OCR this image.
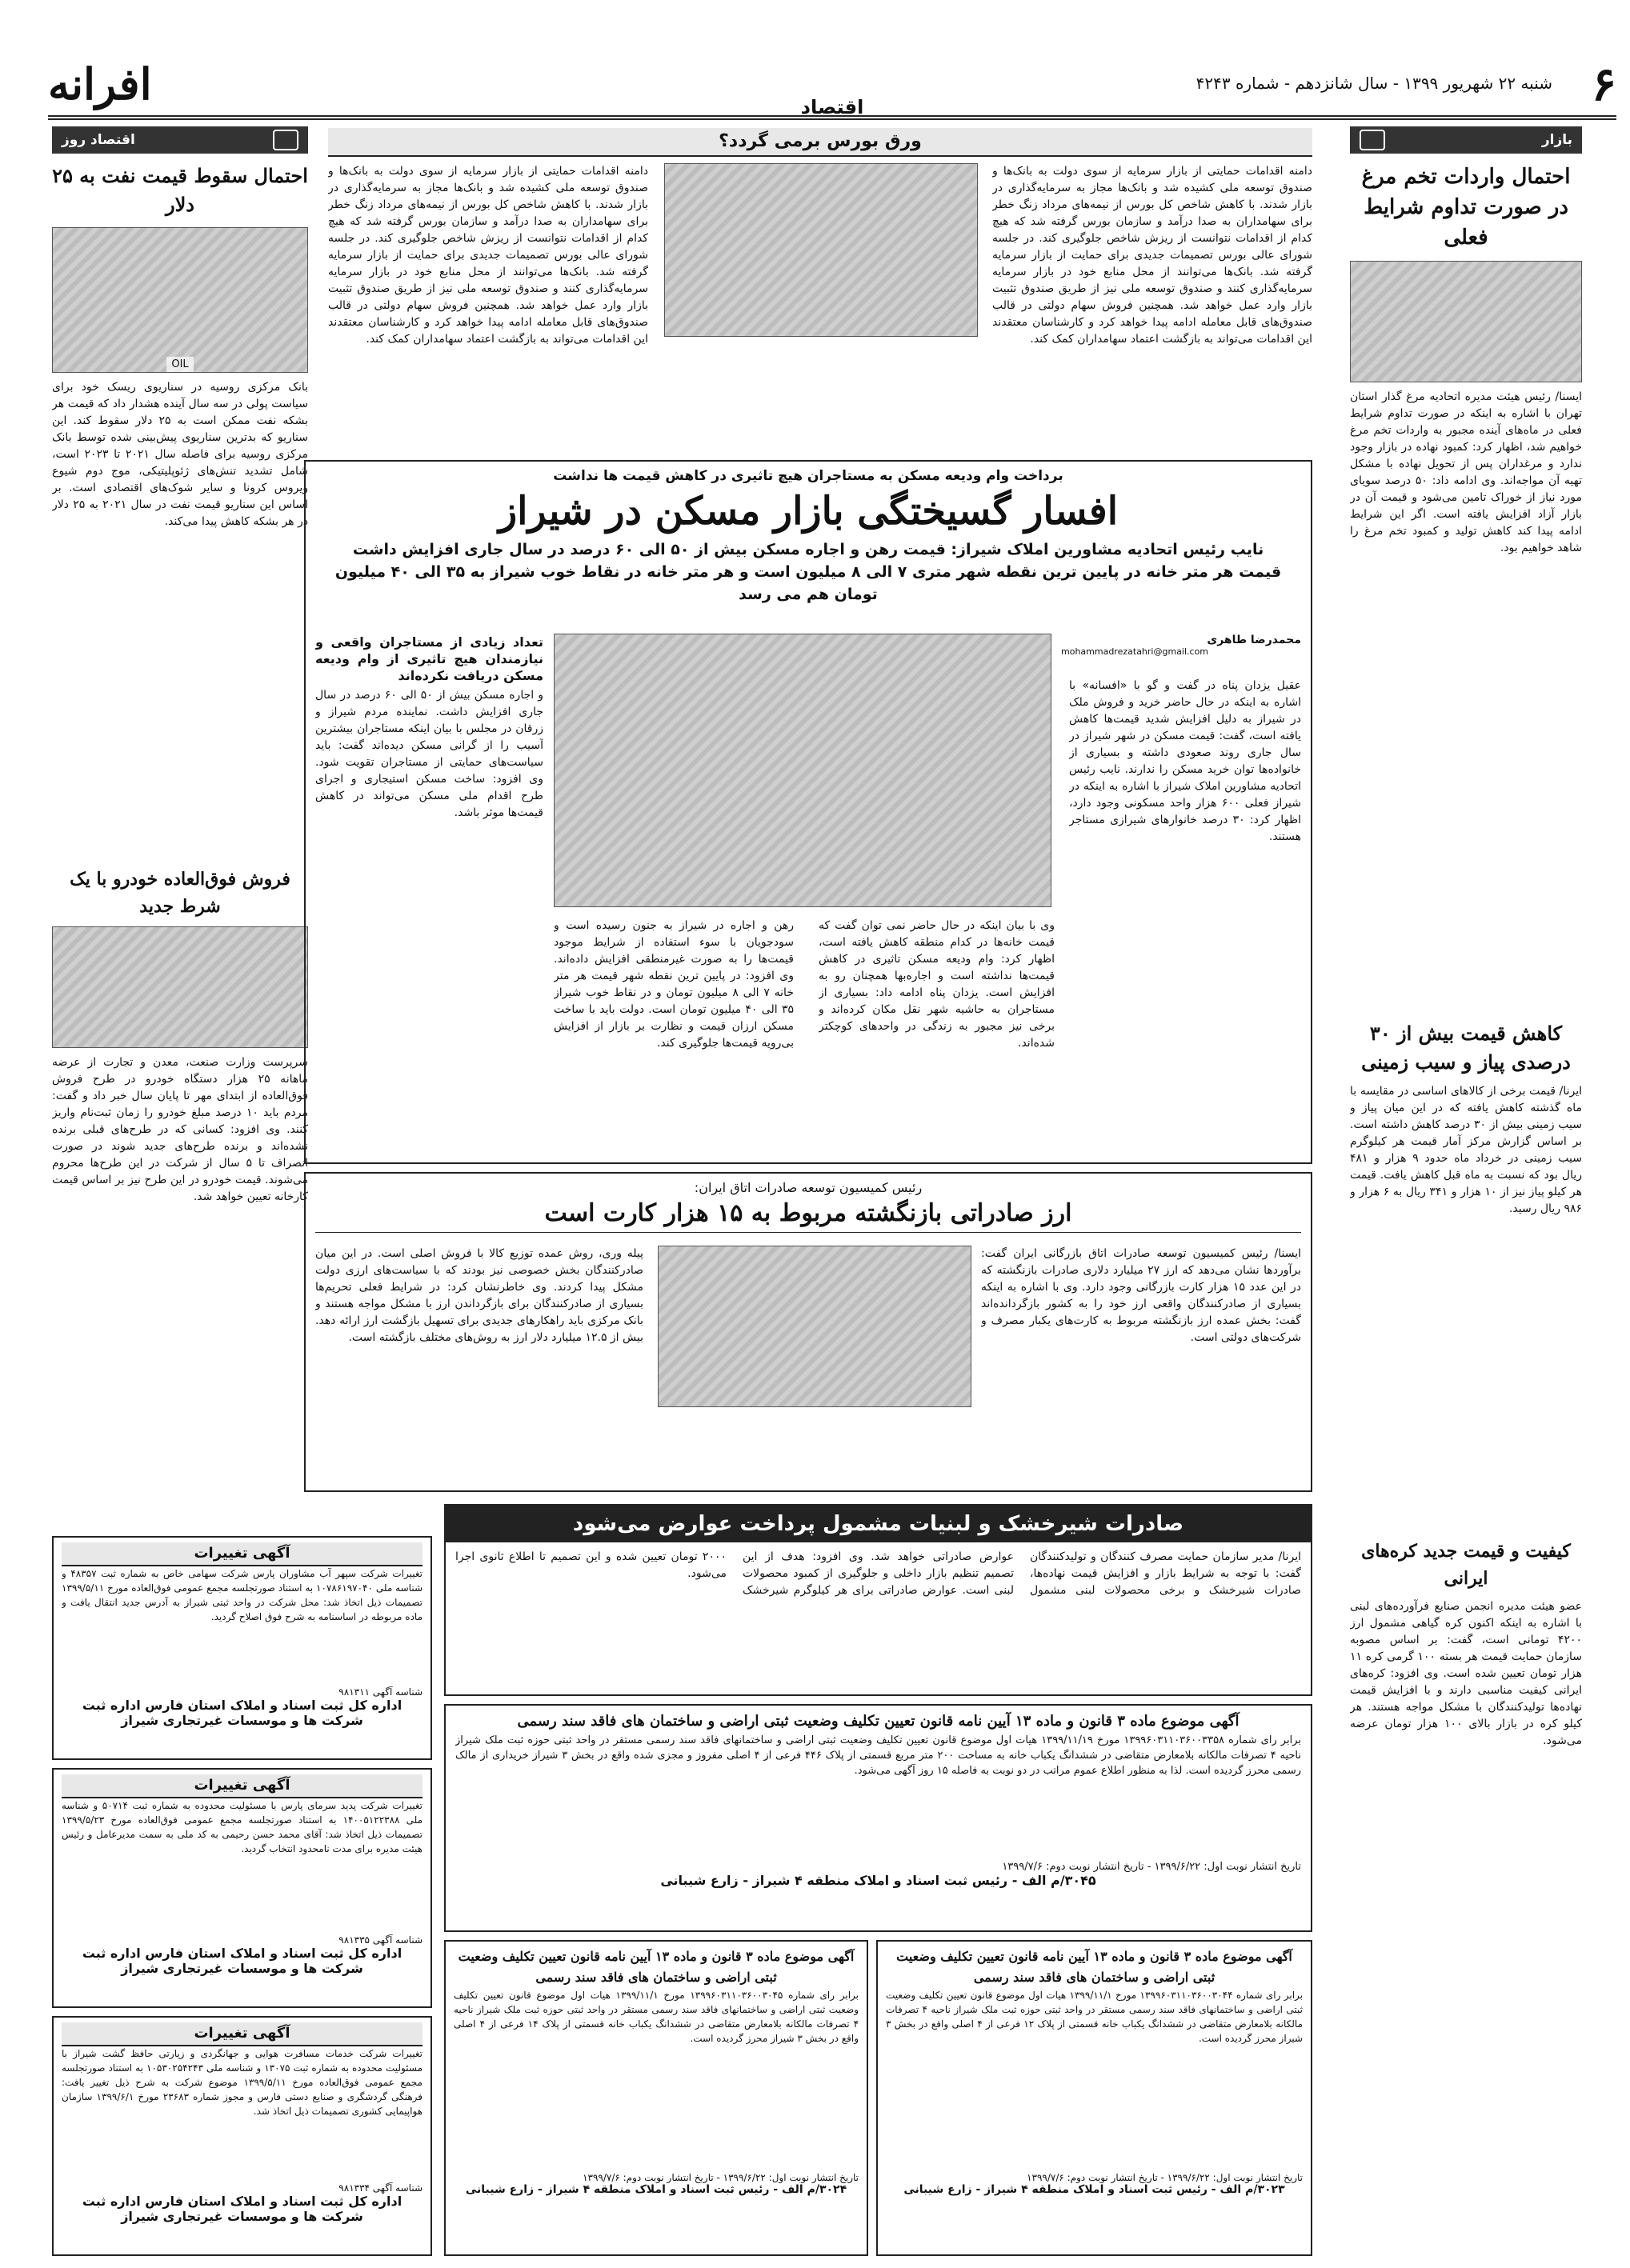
۶
شنبه ۲۲ شهریور ۱۳۹۹ - سال شانزدهم - شماره ۴۲۴۳
اقتصاد
افرانه
بازار
احتمال واردات تخم مرغ در صورت تداوم شرایط فعلی

ایسنا/ رئیس هیئت مدیره اتحادیه مرغ گذار استان تهران با اشاره به اینکه در صورت تداوم شرایط فعلی در ماه‌های آینده مجبور به واردات تخم مرغ خواهیم شد، اظهار کرد: کمبود نهاده در بازار وجود ندارد و مرغداران پس از تحویل نهاده با مشکل تهیه آن مواجه‌اند. وی ادامه داد: ۵۰ درصد سویای مورد نیاز از خوراک تامین می‌شود و قیمت آن در بازار آزاد افزایش یافته است. اگر این شرایط ادامه پیدا کند کاهش تولید و کمبود تخم مرغ را شاهد خواهیم بود.

کاهش قیمت بیش از ۳۰ درصدی پیاز و سیب زمینی

ایرنا/ قیمت برخی از کالاهای اساسی در مقایسه با ماه گذشته کاهش یافته که در این میان پیاز و سیب زمینی بیش از ۳۰ درصد کاهش داشته است. بر اساس گزارش مرکز آمار قیمت هر کیلوگرم سیب زمینی در خرداد ماه حدود ۹ هزار و ۴۸۱ ریال بود که نسبت به ماه قبل کاهش یافت. قیمت هر کیلو پیاز نیز از ۱۰ هزار و ۳۴۱ ریال به ۶ هزار و ۹۸۶ ریال رسید.

کیفیت و قیمت جدید کره‌های ایرانی

عضو هیئت مدیره انجمن صنایع فرآورده‌های لبنی با اشاره به اینکه اکنون کره گیاهی مشمول ارز ۴۲۰۰ تومانی است، گفت: بر اساس مصوبه سازمان حمایت قیمت هر بسته ۱۰۰ گرمی کره ۱۱ هزار تومان تعیین شده است. وی افزود: کره‌های ایرانی کیفیت مناسبی دارند و با افزایش قیمت نهاده‌ها تولیدکنندگان با مشکل مواجه هستند. هر کیلو کره در بازار بالای ۱۰۰ هزار تومان عرضه می‌شود.

اقتصاد روز
احتمال سقوط قیمت نفت به ۲۵ دلار
OIL

بانک مرکزی روسیه در سناریوی ریسک خود برای سیاست پولی در سه سال آینده هشدار داد که قیمت هر بشکه نفت ممکن است به ۲۵ دلار سقوط کند. این سناریو که بدترین سناریوی پیش‌بینی شده توسط بانک مرکزی روسیه برای فاصله سال ۲۰۲۱ تا ۲۰۲۳ است، شامل تشدید تنش‌های ژئوپلیتیکی، موج دوم شیوع ویروس کرونا و سایر شوک‌های اقتصادی است. بر اساس این سناریو قیمت نفت در سال ۲۰۲۱ به ۲۵ دلار در هر بشکه کاهش پیدا می‌کند.

فروش فوق‌العاده خودرو با یک شرط جدید

سرپرست وزارت صنعت، معدن و تجارت از عرضه ماهانه ۲۵ هزار دستگاه خودرو در طرح فروش فوق‌العاده از ابتدای مهر تا پایان سال خبر داد و گفت: مردم باید ۱۰ درصد مبلغ خودرو را زمان ثبت‌نام واریز کنند. وی افزود: کسانی که در طرح‌های قبلی برنده نشده‌اند و برنده طرح‌های جدید شوند در صورت انصراف تا ۵ سال از شرکت در این طرح‌ها محروم می‌شوند. قیمت خودرو در این طرح نیز بر اساس قیمت کارخانه تعیین خواهد شد.

ورق بورس برمی گردد؟

دامنه اقدامات حمایتی از بازار سرمایه از سوی دولت به بانک‌ها و صندوق توسعه ملی کشیده شد و بانک‌ها مجاز به سرمایه‌گذاری در بازار شدند. با کاهش شاخص کل بورس از نیمه‌های مرداد زنگ خطر برای سهامداران به صدا درآمد و سازمان بورس گرفته شد که هیچ کدام از اقدامات نتوانست از ریزش شاخص جلوگیری کند. در جلسه شورای عالی بورس تصمیمات جدیدی برای حمایت از بازار سرمایه گرفته شد. بانک‌ها می‌توانند از محل منابع خود در بازار سرمایه سرمایه‌گذاری کنند و صندوق توسعه ملی نیز از طریق صندوق تثبیت بازار وارد عمل خواهد شد. همچنین فروش سهام دولتی در قالب صندوق‌های قابل معامله ادامه پیدا خواهد کرد و کارشناسان معتقدند این اقدامات می‌تواند به بازگشت اعتماد سهامداران کمک کند.

دامنه اقدامات حمایتی از بازار سرمایه از سوی دولت به بانک‌ها و صندوق توسعه ملی کشیده شد و بانک‌ها مجاز به سرمایه‌گذاری در بازار شدند. با کاهش شاخص کل بورس از نیمه‌های مرداد زنگ خطر برای سهامداران به صدا درآمد و سازمان بورس گرفته شد که هیچ کدام از اقدامات نتوانست از ریزش شاخص جلوگیری کند. در جلسه شورای عالی بورس تصمیمات جدیدی برای حمایت از بازار سرمایه گرفته شد. بانک‌ها می‌توانند از محل منابع خود در بازار سرمایه سرمایه‌گذاری کنند و صندوق توسعه ملی نیز از طریق صندوق تثبیت بازار وارد عمل خواهد شد. همچنین فروش سهام دولتی در قالب صندوق‌های قابل معامله ادامه پیدا خواهد کرد و کارشناسان معتقدند این اقدامات می‌تواند به بازگشت اعتماد سهامداران کمک کند.

برداخت وام ودیعه مسکن به مستاجران هیچ تاثیری در کاهش قیمت ها نداشت
افسار گسیختگی بازار مسکن در شیراز
نایب رئیس اتحادیه مشاورین املاک شیراز: قیمت رهن و اجاره مسکن بیش از ۵۰ الی ۶۰ درصد در سال جاری افزایش داشت
قیمت هر متر خانه در پایین ترین نقطه شهر متری ۷ الی ۸ میلیون است و هر متر خانه در نقاط خوب شیراز به ۳۵ الی ۴۰ میلیون تومان هم می رسد
محمدرضا طاهری
mohammadrezatahri@gmail.com

عقیل یزدان پناه در گفت و گو با «افسانه» با اشاره به اینکه در حال حاضر خرید و فروش ملک در شیراز به دلیل افزایش شدید قیمت‌ها کاهش یافته است، گفت: قیمت مسکن در شهر شیراز در سال جاری روند صعودی داشته و بسیاری از خانواده‌ها توان خرید مسکن را ندارند. نایب رئیس اتحادیه مشاورین املاک شیراز با اشاره به اینکه در شیراز فعلی ۶۰۰ هزار واحد مسکونی وجود دارد، اظهار کرد: ۳۰ درصد خانوارهای شیرازی مستاجر هستند.

تعداد زیادی از مستاجران واقعی و نیازمندان هیچ تاثیری از وام ودیعه مسکن دریافت نکرده‌اند

و اجاره مسکن بیش از ۵۰ الی ۶۰ درصد در سال جاری افزایش داشت. نماینده مردم شیراز و زرقان در مجلس با بیان اینکه مستاجران بیشترین آسیب را از گرانی مسکن دیده‌اند گفت: باید سیاست‌های حمایتی از مستاجران تقویت شود. وی افزود: ساخت مسکن استیجاری و اجرای طرح اقدام ملی مسکن می‌تواند در کاهش قیمت‌ها موثر باشد.

وی با بیان اینکه در حال حاضر نمی توان گفت که قیمت خانه‌ها در کدام منطقه کاهش یافته است، اظهار کرد: وام ودیعه مسکن تاثیری در کاهش قیمت‌ها نداشته است و اجاره‌بها همچنان رو به افزایش است. یزدان پناه ادامه داد: بسیاری از مستاجران به حاشیه شهر نقل مکان کرده‌اند و برخی نیز مجبور به زندگی در واحدهای کوچکتر شده‌اند.

رهن و اجاره در شیراز به جنون رسیده است و سودجویان با سوء استفاده از شرایط موجود قیمت‌ها را به صورت غیرمنطقی افزایش داده‌اند. وی افزود: در پایین ترین نقطه شهر قیمت هر متر خانه ۷ الی ۸ میلیون تومان و در نقاط خوب شیراز ۳۵ الی ۴۰ میلیون تومان است. دولت باید با ساخت مسکن ارزان قیمت و نظارت بر بازار از افزایش بی‌رویه قیمت‌ها جلوگیری کند.

رئیس کمیسیون توسعه صادرات اتاق ایران:
ارز صادراتی بازنگشته مربوط به ۱۵ هزار کارت است

ایسنا/ رئیس کمیسیون توسعه صادرات اتاق بازرگانی ایران گفت: برآوردها نشان می‌دهد که ارز ۲۷ میلیارد دلاری صادرات بازنگشته که در این عدد ۱۵ هزار کارت بازرگانی وجود دارد. وی با اشاره به اینکه بسیاری از صادرکنندگان واقعی ارز خود را به کشور بازگردانده‌اند گفت: بخش عمده ارز بازنگشته مربوط به کارت‌های یکبار مصرف و شرکت‌های دولتی است.

پیله وری، روش عمده توزیع کالا با فروش اصلی است. در این میان صادرکنندگان بخش خصوصی نیز بودند که با سیاست‌های ارزی دولت مشکل پیدا کردند. وی خاطرنشان کرد: در شرایط فعلی تحریم‌ها بسیاری از صادرکنندگان برای بازگرداندن ارز با مشکل مواجه هستند و بانک مرکزی باید راهکارهای جدیدی برای تسهیل بازگشت ارز ارائه دهد. بیش از ۱۲.۵ میلیارد دلار ارز به روش‌های مختلف بازگشته است.

صادرات شیرخشک و لبنیات مشمول پرداخت عوارض می‌شود

ایرنا/ مدیر سازمان حمایت مصرف کنندگان و تولیدکنندگان گفت: با توجه به شرایط بازار و افزایش قیمت نهاده‌ها، صادرات شیرخشک و برخی محصولات لبنی مشمول عوارض صادراتی خواهد شد. وی افزود: هدف از این تصمیم تنظیم بازار داخلی و جلوگیری از کمبود محصولات لبنی است. عوارض صادراتی برای هر کیلوگرم شیرخشک ۲۰۰۰ تومان تعیین شده و این تصمیم تا اطلاع ثانوی اجرا می‌شود.

آگهی تغییرات
تغییرات شرکت سپهر آب مشاوران پارس شرکت سهامی خاص به شماره ثبت ۴۸۳۵۷ و شناسه ملی ۱۰۷۸۶۱۹۷۰۴۰ به استناد صورتجلسه مجمع عمومی فوق‌العاده مورخ ۱۳۹۹/۵/۱۱ تصمیمات ذیل اتخاذ شد: محل شرکت در واحد ثبتی شیراز به آدرس جدید انتقال یافت و ماده مربوطه در اساسنامه به شرح فوق اصلاح گردید.
شناسه آگهی ۹۸۱۳۱۱
اداره کل ثبت اسناد و املاک استان فارس اداره ثبت شرکت ها و موسسات غیرتجاری شیراز
آگهی تغییرات
تغییرات شرکت پدید سرمای پارس با مسئولیت محدوده به شماره ثبت ۵۰۷۱۴ و شناسه ملی ۱۴۰۰۵۱۲۲۳۸۸ به استناد صورتجلسه مجمع عمومی فوق‌العاده مورخ ۱۳۹۹/۵/۲۳ تصمیمات ذیل اتخاذ شد: آقای محمد حسن رحیمی به کد ملی به سمت مدیرعامل و رئیس هیئت مدیره برای مدت نامحدود انتخاب گردید.
شناسه آگهی ۹۸۱۳۳۵
اداره کل ثبت اسناد و املاک استان فارس اداره ثبت شرکت ها و موسسات غیرتجاری شیراز
آگهی تغییرات
تغییرات شرکت خدمات مسافرت هوایی و جهانگردی و زیارتی حافظ گشت شیراز با مسئولیت محدوده به شماره ثبت ۱۳۰۷۵ و شناسه ملی ۱۰۵۳۰۲۵۴۲۴۳ به استناد صورتجلسه مجمع عمومی فوق‌العاده مورخ ۱۳۹۹/۵/۱۱ موضوع شرکت به شرح ذیل تغییر یافت: فرهنگی گردشگری و صنایع دستی فارس و مجوز شماره ۲۳۶۸۳ مورخ ۱۳۹۹/۶/۱ سازمان هواپیمایی کشوری تصمیمات ذیل اتخاذ شد.
شناسه آگهی ۹۸۱۳۳۴
اداره کل ثبت اسناد و املاک استان فارس اداره ثبت شرکت ها و موسسات غیرتجاری شیراز
آگهی موضوع ماده ۳ قانون و ماده ۱۳ آیین نامه قانون تعیین تکلیف وضعیت ثبتی اراضی و ساختمان های فاقد سند رسمی
برابر رای شماره ۱۳۹۹۶۰۳۱۱۰۳۶۰۰۳۳۵۸ مورخ ۱۳۹۹/۱۱/۱۹ هیات اول موضوع قانون تعیین تکلیف وضعیت ثبتی اراضی و ساختمانهای فاقد سند رسمی مستقر در واحد ثبتی حوزه ثبت ملک شیراز ناحیه ۴ تصرفات مالکانه بلامعارض متقاضی در ششدانگ یکباب خانه به مساحت ۲۰۰ متر مربع قسمتی از پلاک ۴۴۶ فرعی از ۴ اصلی مفروز و مجزی شده واقع در بخش ۳ شیراز خریداری از مالک رسمی محرز گردیده است. لذا به منظور اطلاع عموم مراتب در دو نوبت به فاصله ۱۵ روز آگهی می‌شود.
تاریخ انتشار نوبت اول: ۱۳۹۹/۶/۲۲ - تاریخ انتشار نوبت دوم: ۱۳۹۹/۷/۶
۳۰۴۵/م الف - رئیس ثبت اسناد و املاک منطقه ۴ شیراز - زارع شیبانی
آگهی موضوع ماده ۳ قانون و ماده ۱۳ آیین نامه قانون تعیین تکلیف وضعیت ثبتی اراضی و ساختمان های فاقد سند رسمی
برابر رای شماره ۱۳۹۹۶۰۳۱۱۰۳۶۰۰۳۰۴۵ مورخ ۱۳۹۹/۱۱/۱ هیات اول موضوع قانون تعیین تکلیف وضعیت ثبتی اراضی و ساختمانهای فاقد سند رسمی مستقر در واحد ثبتی حوزه ثبت ملک شیراز ناحیه ۴ تصرفات مالکانه بلامعارض متقاضی در ششدانگ یکباب خانه قسمتی از پلاک ۱۴ فرعی از ۴ اصلی واقع در بخش ۳ شیراز محرز گردیده است.
تاریخ انتشار نوبت اول: ۱۳۹۹/۶/۲۲ - تاریخ انتشار نوبت دوم: ۱۳۹۹/۷/۶
۳۰۲۴/م الف - رئیس ثبت اسناد و املاک منطقه ۴ شیراز - زارع شیبانی
آگهی موضوع ماده ۳ قانون و ماده ۱۳ آیین نامه قانون تعیین تکلیف وضعیت ثبتی اراضی و ساختمان های فاقد سند رسمی
برابر رای شماره ۱۳۹۹۶۰۳۱۱۰۳۶۰۰۳۰۴۴ مورخ ۱۳۹۹/۱۱/۱ هیات اول موضوع قانون تعیین تکلیف وضعیت ثبتی اراضی و ساختمانهای فاقد سند رسمی مستقر در واحد ثبتی حوزه ثبت ملک شیراز ناحیه ۴ تصرفات مالکانه بلامعارض متقاضی در ششدانگ یکباب خانه قسمتی از پلاک ۱۲ فرعی از ۴ اصلی واقع در بخش ۳ شیراز محرز گردیده است.
تاریخ انتشار نوبت اول: ۱۳۹۹/۶/۲۲ - تاریخ انتشار نوبت دوم: ۱۳۹۹/۷/۶
۳۰۲۳/م الف - رئیس ثبت اسناد و املاک منطقه ۴ شیراز - زارع شیبانی
